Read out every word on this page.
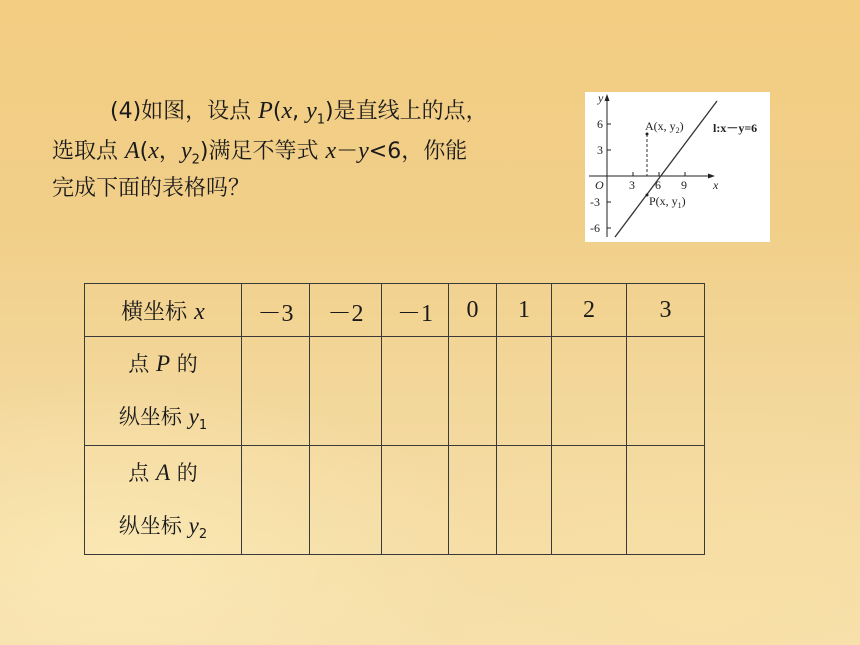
(4)如图，设点 P(x, $y_1$)是直线上的点，
选取点 A(x，$y_2$)满足不等式 x－y<6，你能
完成下面的表格吗？
y
x
O 3 6 9
6
3
-3
-6
A(x, $y_2$) l:x－y=6
P(x, $y_1$)
横坐标 x	－3	－2	－1	0	1	2	3

点 P 的
纵坐标 $y_1$

点 A 的
纵坐标 $y_2$
